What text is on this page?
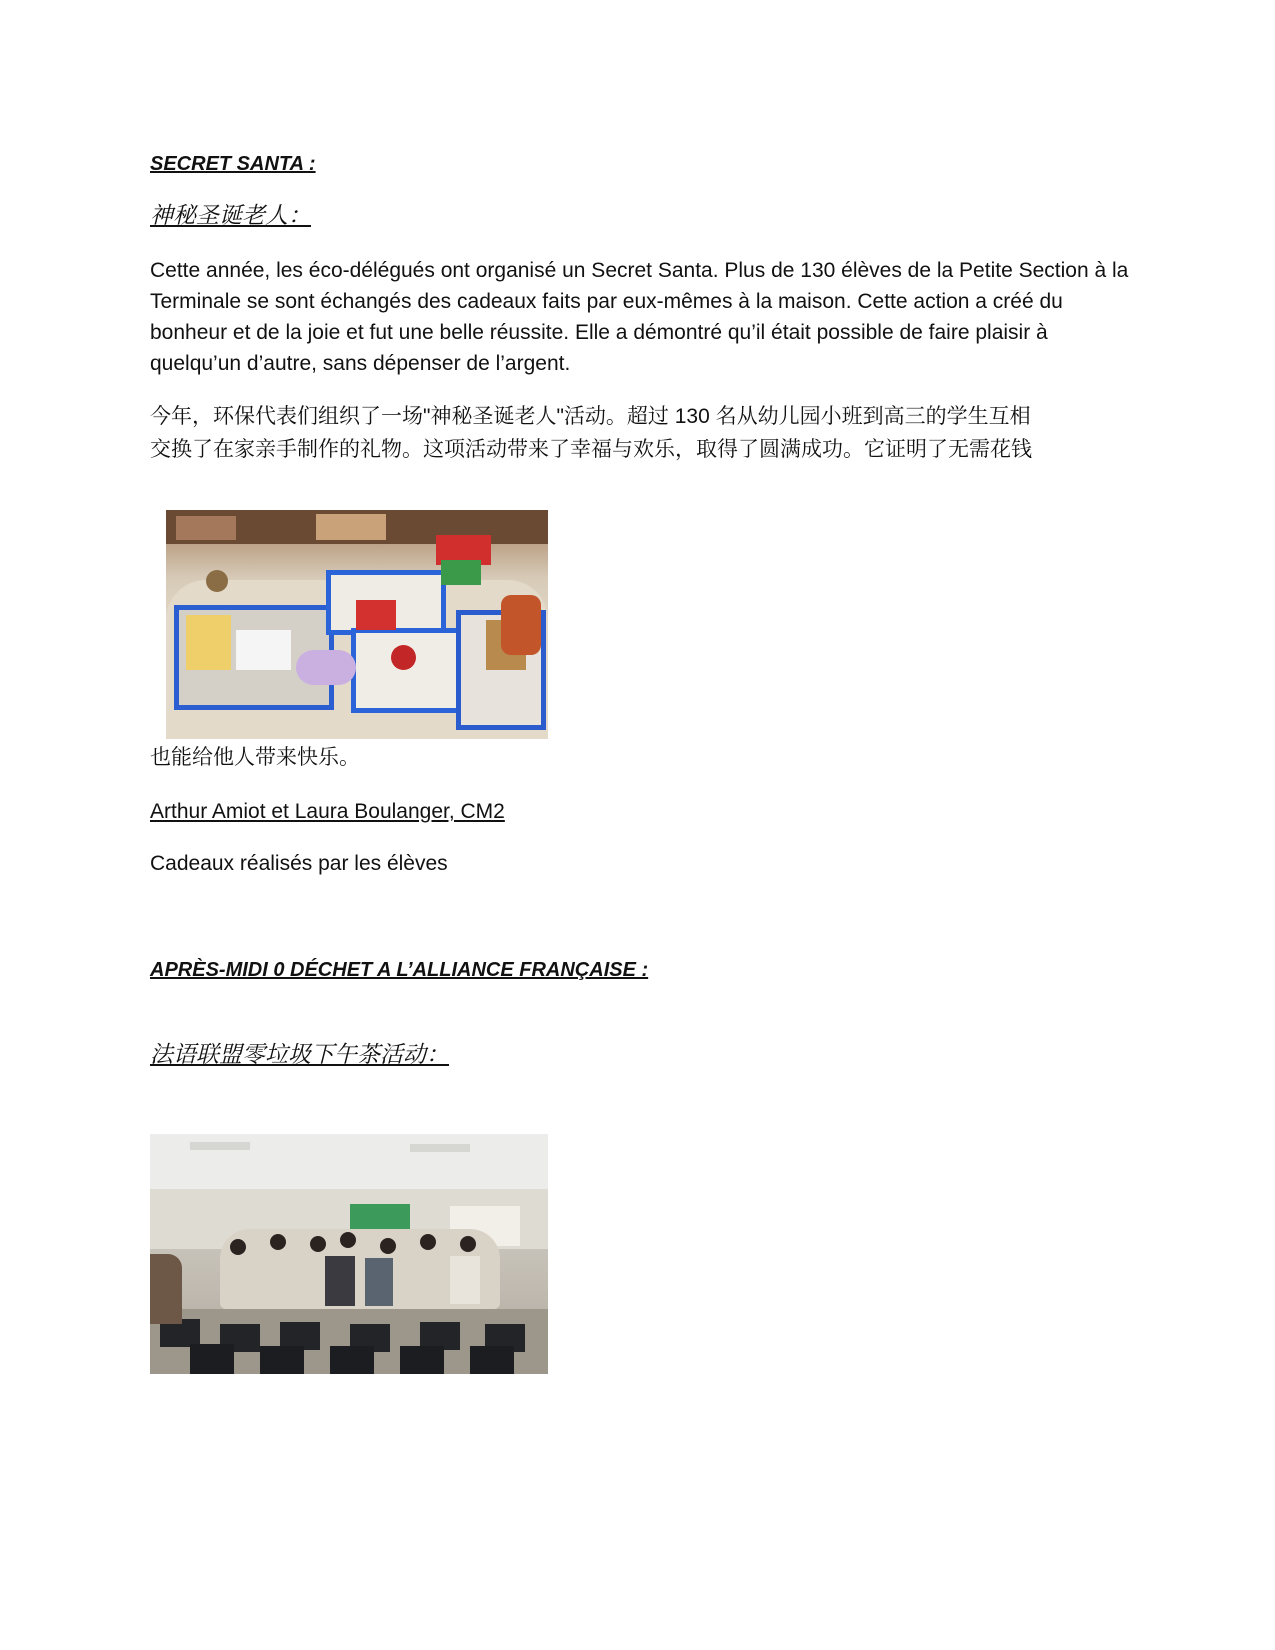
SECRET SANTA :
神秘圣诞老人：
Cette année, les éco-délégués ont organisé un Secret Santa. Plus de 130 élèves de la Petite Section à la
Terminale se sont échangés des cadeaux faits par eux-mêmes à la maison. Cette action a créé du
bonheur et de la joie et fut une belle réussite. Elle a démontré qu’il était possible de faire plaisir à
quelqu’un d’autre, sans dépenser de l’argent.
今年，环保代表们组织了一场"神秘圣诞老人"活动。超过 130 名从幼儿园小班到高三的学生互相
交换了在家亲手制作的礼物。这项活动带来了幸福与欢乐，取得了圆满成功。它证明了无需花钱
也能给他人带来快乐。
Arthur Amiot et Laura Boulanger, CM2
Cadeaux réalisés par les élèves
APRÈS-MIDI 0 DÉCHET A L’ALLIANCE FRANÇAISE :
法语联盟零垃圾下午茶活动：
